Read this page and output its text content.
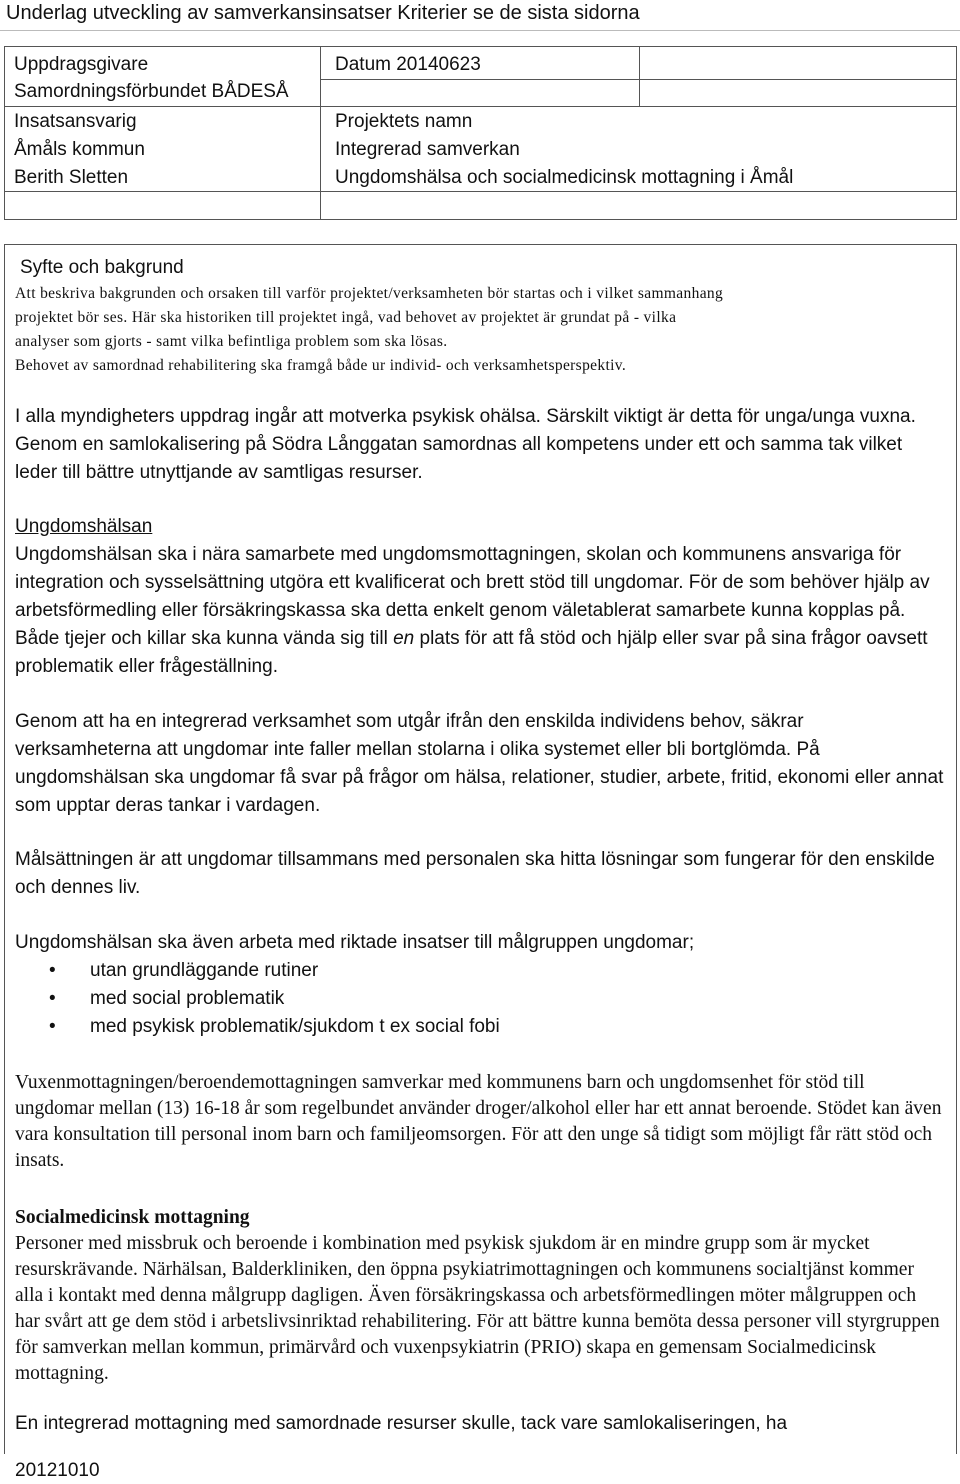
Underlag utveckling av samverkansinsatser Kriterier se de sista sidorna
Uppdragsgivare	Datum 20140623
Samordningsförbundet BÅDESÅ
Insatsansvarig
Åmåls kommun
Berith Sletten
Projektets namn
Integrerad samverkan
Ungdomshälsa och socialmedicinsk mottagning i Åmål
Syfte och bakgrund
Att beskriva bakgrunden och orsaken till varför projektet/verksamheten bör startas och i vilket sammanhang
projektet bör ses. Här ska historiken till projektet ingå, vad behovet av projektet är grundat på - vilka
analyser som gjorts - samt vilka befintliga problem som ska lösas.
Behovet av samordnad rehabilitering ska framgå både ur individ- och verksamhetsperspektiv.

I alla myndigheters uppdrag ingår att motverka psykisk ohälsa. Särskilt viktigt är detta för unga/unga vuxna. Genom en samlokalisering på Södra Långgatan samordnas all kompetens under ett och samma tak vilket leder till bättre utnyttjande av samtligas resurser.

Ungdomshälsan

Ungdomshälsan ska i nära samarbete med ungdomsmottagningen, skolan och kommunens ansvariga för integration och sysselsättning utgöra ett kvalificerat och brett stöd till ungdomar. För de som behöver hjälp av arbetsförmedling eller försäkringskassa ska detta enkelt genom väletablerat samarbete kunna kopplas på. Både tjejer och killar ska kunna vända sig till en plats för att få stöd och hjälp eller svar på sina frågor oavsett problematik eller frågeställning.

Genom att ha en integrerad verksamhet som utgår ifrån den enskilda individens behov, säkrar verksamheterna att ungdomar inte faller mellan stolarna i olika systemet eller bli bortglömda. På ungdomshälsan ska ungdomar få svar på frågor om hälsa, relationer, studier, arbete, fritid, ekonomi eller annat som upptar deras tankar i vardagen.

Målsättningen är att ungdomar tillsammans med personalen ska hitta lösningar som fungerar för den enskilde och dennes liv.

Ungdomshälsan ska även arbeta med riktade insatser till målgruppen ungdomar;

• utan grundläggande rutiner
• med social problematik
• med psykisk problematik/sjukdom t ex social fobi

Vuxenmottagningen/beroendemottagningen samverkar med kommunens barn och ungdomsenhet för stöd till ungdomar mellan (13) 16-18 år som regelbundet använder droger/alkohol eller har ett annat beroende. Stödet kan även vara konsultation till personal inom barn och familjeomsorgen. För att den unge så tidigt som möjligt får rätt stöd och insats.

Socialmedicinsk mottagning

Personer med missbruk och beroende i kombination med psykisk sjukdom är en mindre grupp som är mycket resurskrävande. Närhälsan, Balderkliniken, den öppna psykiatrimottagningen och kommunens socialtjänst kommer alla i kontakt med denna målgrupp dagligen. Även försäkringskassa och arbetsförmedlingen möter målgruppen och har svårt att ge dem stöd i arbetslivsinriktad rehabilitering. För att bättre kunna bemöta dessa personer vill styrgruppen för samverkan mellan kommun, primärvård och vuxenpsykiatrin (PRIO) skapa en gemensam Socialmedicinsk mottagning.

En integrerad mottagning med samordnade resurser skulle, tack vare samlokaliseringen, ha

20121010
